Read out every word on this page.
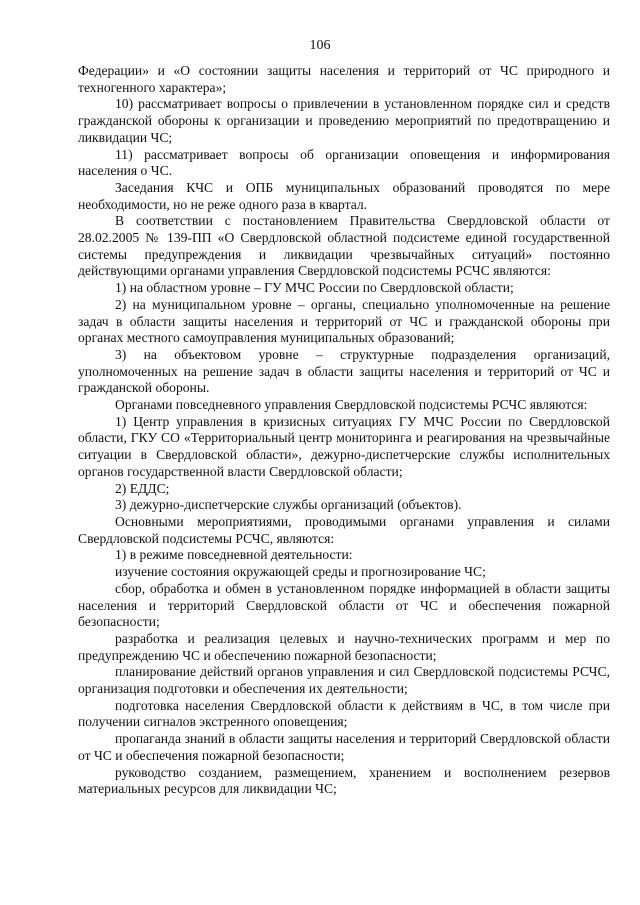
106

Федерации» и «О состоянии защиты населения и территорий от ЧС природного и техногенного характера»;

10) рассматривает вопросы о привлечении в установленном порядке сил и средств гражданской обороны к организации и проведению мероприятий по предотвращению и ликвидации ЧС;

11) рассматривает вопросы об организации оповещения и информирования населения о ЧС.

Заседания КЧС и ОПБ муниципальных образований проводятся по мере необходимости, но не реже одного раза в квартал.

В соответствии с постановлением Правительства Свердловской области от 28.02.2005 № 139-ПП «О Свердловской областной подсистеме единой государственной системы предупреждения и ликвидации чрезвычайных ситуаций» постоянно действующими органами управления Свердловской подсистемы РСЧС являются:

1) на областном уровне – ГУ МЧС России по Свердловской области;

2) на муниципальном уровне – органы, специально уполномоченные на решение задач в области защиты населения и территорий от ЧС и гражданской обороны при органах местного самоуправления муниципальных образований;

3) на объектовом уровне – структурные подразделения организаций, уполномоченных на решение задач в области защиты населения и территорий от ЧС и гражданской обороны.

Органами повседневного управления Свердловской подсистемы РСЧС являются:

1) Центр управления в кризисных ситуациях ГУ МЧС России по Свердловской области, ГКУ СО «Территориальный центр мониторинга и реагирования на чрезвычайные ситуации в Свердловской области», дежурно-диспетчерские службы исполнительных органов государственной власти Свердловской области;

2) ЕДДС;

3) дежурно-диспетчерские службы организаций (объектов).

Основными мероприятиями, проводимыми органами управления и силами Свердловской подсистемы РСЧС, являются:

1) в режиме повседневной деятельности:

изучение состояния окружающей среды и прогнозирование ЧС;

сбор, обработка и обмен в установленном порядке информацией в области защиты населения и территорий Свердловской области от ЧС и обеспечения пожарной безопасности;

разработка и реализация целевых и научно-технических программ и мер по предупреждению ЧС и обеспечению пожарной безопасности;

планирование действий органов управления и сил Свердловской подсистемы РСЧС, организация подготовки и обеспечения их деятельности;

подготовка населения Свердловской области к действиям в ЧС, в том числе при получении сигналов экстренного оповещения;

пропаганда знаний в области защиты населения и территорий Свердловской области от ЧС и обеспечения пожарной безопасности;

руководство созданием, размещением, хранением и восполнением резервов материальных ресурсов для ликвидации ЧС;
